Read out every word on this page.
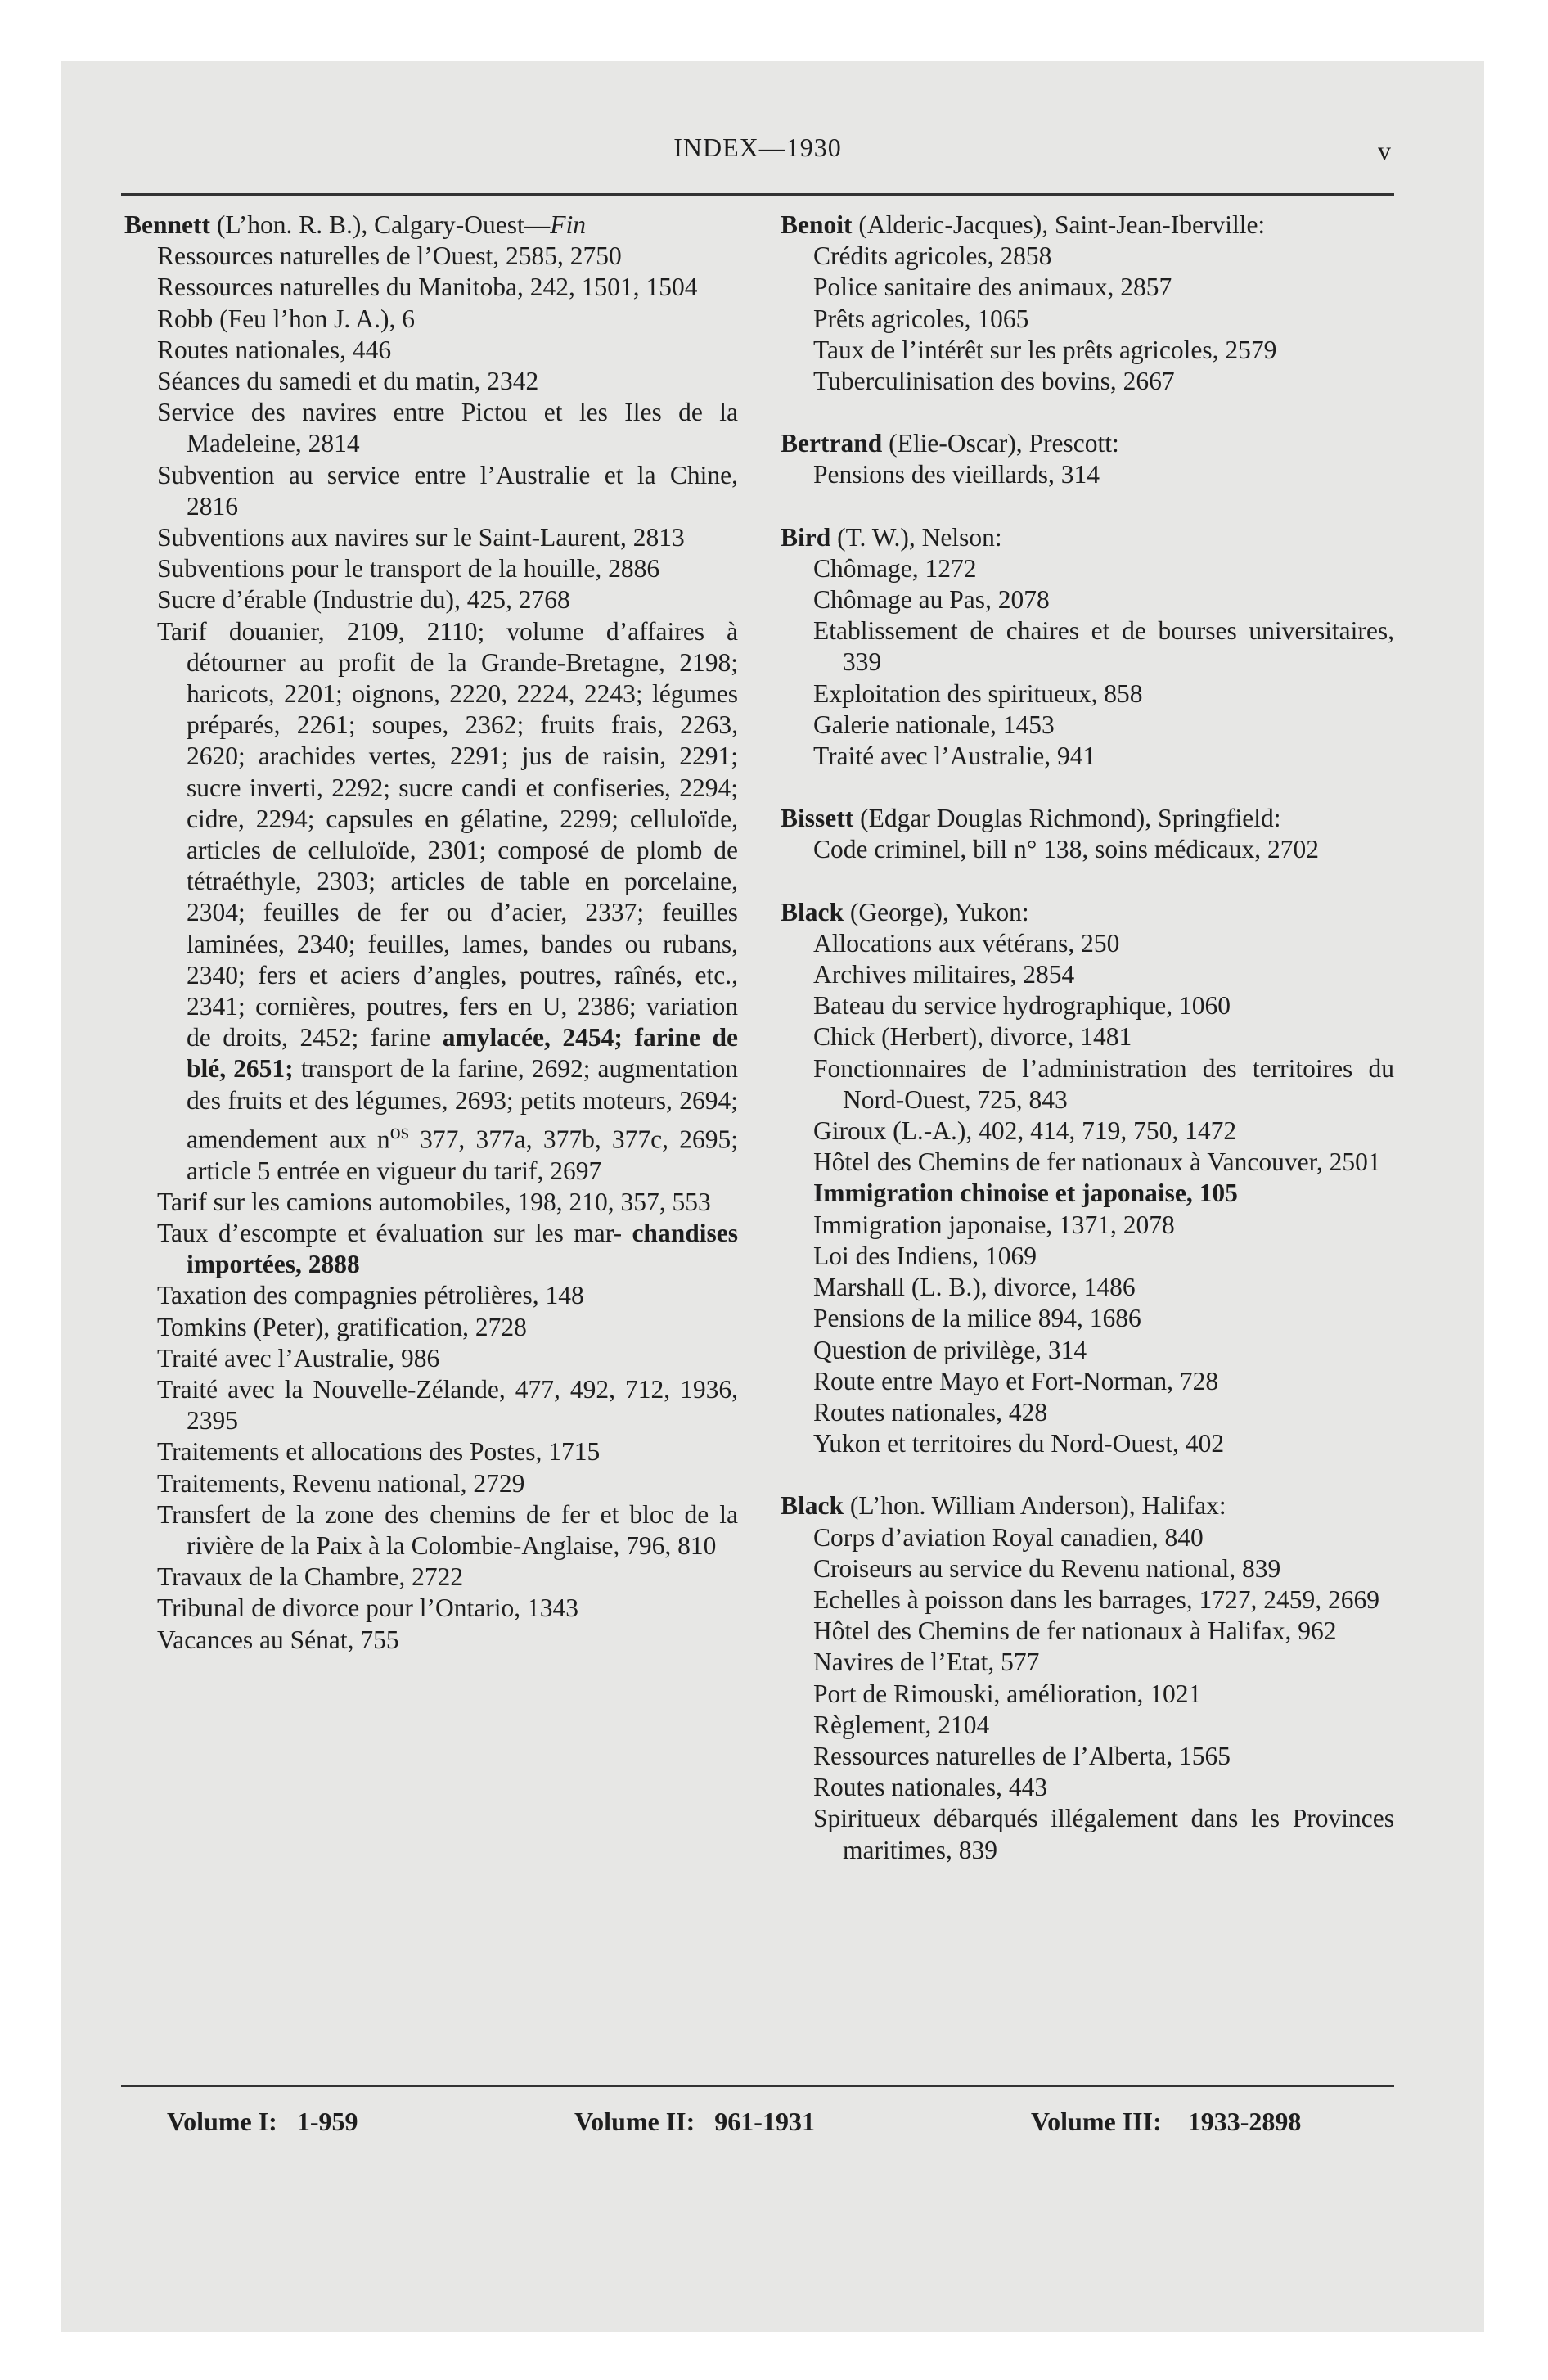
INDEX—1930	v

Bennett (L’hon. R. B.), Calgary-Ouest—Fin

Ressources naturelles de l’Ouest, 2585, 2750

Ressources naturelles du Manitoba, 242, 1501, 1504

Robb (Feu l’hon J. A.), 6

Routes nationales, 446

Séances du samedi et du matin, 2342

Service des navires entre Pictou et les Iles de la Madeleine, 2814

Subvention au service entre l’Australie et la Chine, 2816

Subventions aux navires sur le Saint-Laurent, 2813

Subventions pour le transport de la houille, 2886

Sucre d’érable (Industrie du), 425, 2768

Tarif douanier, 2109, 2110; volume d’affaires à détourner au profit de la Grande-Bretagne, 2198; haricots, 2201; oignons, 2220, 2224, 2243; légumes préparés, 2261; soupes, 2362; fruits frais, 2263, 2620; arachides vertes, 2291; jus de raisin, 2291; sucre inverti, 2292; sucre candi et confiseries, 2294; cidre, 2294; capsules en gélatine, 2299; celluloïde, articles de celluloïde, 2301; composé de plomb de tétraéthyle, 2303; articles de table en porcelaine, 2304; feuilles de fer ou d’acier, 2337; feuilles laminées, 2340; feuilles, lames, bandes ou rubans, 2340; fers et aciers d’angles, poutres, raînés, etc., 2341; cornières, poutres, fers en U, 2386; variation de droits, 2452; farine amylacée, 2454; farine de blé, 2651; transport de la farine, 2692; augmentation des fruits et des légumes, 2693; petits moteurs, 2694; amendement aux $n^{os}$ 377, 377a, 377b, 377c, 2695; article 5 entrée en vigueur du tarif, 2697

Tarif sur les camions automobiles, 198, 210, 357, 553

Taux d’escompte et évaluation sur les mar- chandises importées, 2888

Taxation des compagnies pétrolières, 148

Tomkins (Peter), gratification, 2728

Traité avec l’Australie, 986

Traité avec la Nouvelle-Zélande, 477, 492, 712, 1936, 2395

Traitements et allocations des Postes, 1715

Traitements, Revenu national, 2729

Transfert de la zone des chemins de fer et bloc de la rivière de la Paix à la Colombie-Anglaise, 796, 810

Travaux de la Chambre, 2722

Tribunal de divorce pour l’Ontario, 1343

Vacances au Sénat, 755

Benoit (Alderic-Jacques), Saint-Jean-Iberville:

Crédits agricoles, 2858

Police sanitaire des animaux, 2857

Prêts agricoles, 1065

Taux de l’intérêt sur les prêts agricoles, 2579

Tuberculinisation des bovins, 2667

Bertrand (Elie-Oscar), Prescott:

Pensions des vieillards, 314

Bird (T. W.), Nelson:

Chômage, 1272

Chômage au Pas, 2078

Etablissement de chaires et de bourses universitaires, 339

Exploitation des spiritueux, 858

Galerie nationale, 1453

Traité avec l’Australie, 941

Bissett (Edgar Douglas Richmond), Springfield:

Code criminel, bill n° 138, soins médicaux, 2702

Black (George), Yukon:

Allocations aux vétérans, 250

Archives militaires, 2854

Bateau du service hydrographique, 1060

Chick (Herbert), divorce, 1481

Fonctionnaires de l’administration des territoires du Nord-Ouest, 725, 843

Giroux (L.-A.), 402, 414, 719, 750, 1472

Hôtel des Chemins de fer nationaux à Vancouver, 2501

Immigration chinoise et japonaise, 105

Immigration japonaise, 1371, 2078

Loi des Indiens, 1069

Marshall (L. B.), divorce, 1486

Pensions de la milice 894, 1686

Question de privilège, 314

Route entre Mayo et Fort-Norman, 728

Routes nationales, 428

Yukon et territoires du Nord-Ouest, 402

Black (L’hon. William Anderson), Halifax:

Corps d’aviation Royal canadien, 840

Croiseurs au service du Revenu national, 839

Echelles à poisson dans les barrages, 1727, 2459, 2669

Hôtel des Chemins de fer nationaux à Halifax, 962

Navires de l’Etat, 577

Port de Rimouski, amélioration, 1021

Règlement, 2104

Ressources naturelles de l’Alberta, 1565

Routes nationales, 443

Spiritueux débarqués illégalement dans les Provinces maritimes, 839

Volume I: 1-959	Volume II: 961-1931	Volume III: 1933-2898
